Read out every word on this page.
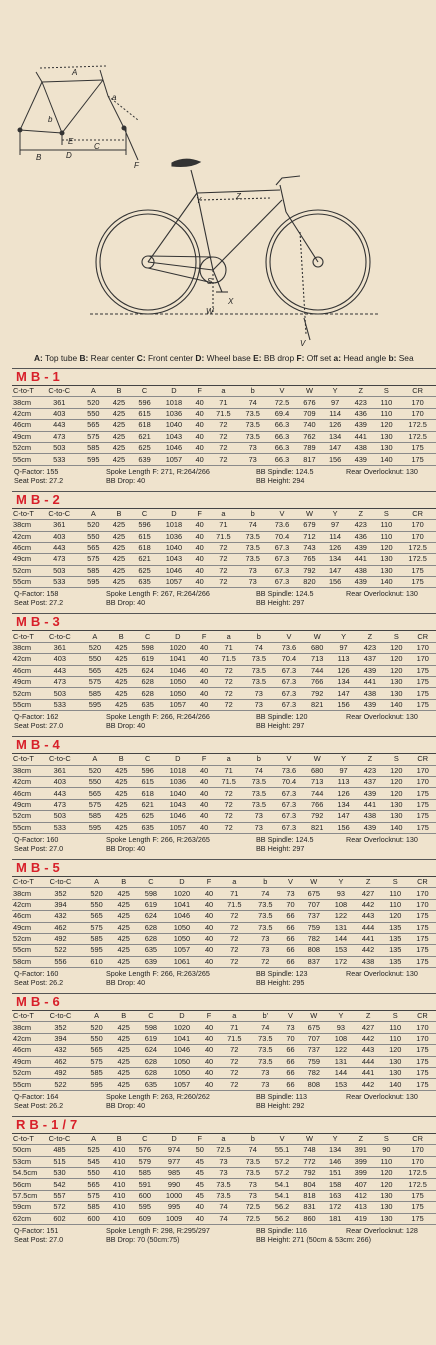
A
B
C
D
E
F
a
b
Y	Z
S
W
X
V
A: Top tube B: Rear center C: Front center D: Wheel base E: BB drop F: Off set a: Head angle b: Sea
MB-1
C-to-T	C-to-C	A	B	C	D	F	a	b	V	W	Y	Z	S	CR
38cm	361	520	425	596	1018	40	71	74	72.5	676	97	423	110	170
42cm	403	550	425	615	1036	40	71.5	73.5	69.4	709	114	436	110	170
46cm	443	565	425	618	1040	40	72	73.5	66.3	740	126	439	120	172.5
49cm	473	575	425	621	1043	40	72	73.5	66.3	762	134	441	130	172.5
52cm	503	585	425	625	1046	40	72	73	66.3	789	147	438	130	175
55cm	533	595	425	639	1057	40	72	73	66.3	817	156	439	140	175
Q-Factor: 155
Seat Post: 27.2
Spoke Length F: 271, R:264/266
BB Drop: 40
BB Spindle: 124.5
BB Height: 294
Rear Overlocknut: 130
MB-2
C-to-T	C-to-C	A	B	C	D	F	a	b	V	W	Y	Z	S	CR
38cm	361	520	425	596	1018	40	71	74	73.6	679	97	423	110	170
42cm	403	550	425	615	1036	40	71.5	73.5	70.4	712	114	436	110	170
46cm	443	565	425	618	1040	40	72	73.5	67.3	743	126	439	120	172.5
49cm	473	575	425	621	1043	40	72	73.5	67.3	765	134	441	130	172.5
52cm	503	585	425	625	1046	40	72	73	67.3	792	147	438	130	175
55cm	533	595	425	635	1057	40	72	73	67.3	820	156	439	140	175
Q-Factor: 158
Seat Post: 27.2
Spoke Length F: 267, R:264/266
BB Drop: 40
BB Spindle: 124.5
BB Height: 297
Rear Overlocknut: 130
MB-3
C-to-T	C-to-C	A	B	C	D	F	a	b	V	W	Y	Z	S	CR
38cm	361	520	425	598	1020	40	71	74	73.6	680	97	423	120	170
42cm	403	550	425	619	1041	40	71.5	73.5	70.4	713	113	437	120	170
46cm	443	565	425	624	1046	40	72	73.5	67.3	744	126	439	120	175
49cm	473	575	425	628	1050	40	72	73.5	67.3	766	134	441	130	175
52cm	503	585	425	628	1050	40	72	73	67.3	792	147	438	130	175
55cm	533	595	425	635	1057	40	72	73	67.3	821	156	439	140	175
Q-Factor: 162
Seat Post: 27.0
Spoke Length F: 266, R:264/266
BB Drop: 40
BB Spindle: 120
BB Height: 297
Rear Overlocknut: 130
MB-4
C-to-T	C-to-C	A	B	C	D	F	a	b	V	W	Y	Z	S	CR
38cm	361	520	425	596	1018	40	71	74	73.6	680	97	423	120	170
42cm	403	550	425	615	1036	40	71.5	73.5	70.4	713	113	437	120	170
46cm	443	565	425	618	1040	40	72	73.5	67.3	744	126	439	120	175
49cm	473	575	425	621	1043	40	72	73.5	67.3	766	134	441	130	175
52cm	503	585	425	625	1046	40	72	73	67.3	792	147	438	130	175
55cm	533	595	425	635	1057	40	72	73	67.3	821	156	439	140	175
Q-Factor: 160
Seat Post: 27.0
Spoke Length F: 266, R:263/265
BB Drop: 40
BB Spindle: 124.5
BB Height: 297
Rear Overlocknut: 130
MB-5
C-to-T	C-to-C	A	B	C	D	F	a	b	V	W	Y	Z	S	CR
38cm	352	520	425	598	1020	40	71	74	73	675	93	427	110	170
42cm	394	550	425	619	1041	40	71.5	73.5	70	707	108	442	110	170
46cm	432	565	425	624	1046	40	72	73.5	66	737	122	443	120	175
49cm	462	575	425	628	1050	40	72	73.5	66	759	131	444	135	175
52cm	492	585	425	628	1050	40	72	73	66	782	144	441	135	175
55cm	522	595	425	635	1057	40	72	73	66	808	153	442	135	175
58cm	556	610	425	639	1061	40	72	72	66	837	172	438	135	175
Q-Factor: 160
Seat Post: 26.2
Spoke Length F: 266, R:263/265
BB Drop: 40
BB Spindle: 123
BB Height: 295
Rear Overlocknut: 130
MB-6
C-to-T	C-to-C	A	B	C	D	F	a	b'	V	W	Y	Z	S	CR
38cm	352	520	425	598	1020	40	71	74	73	675	93	427	110	170
42cm	394	550	425	619	1041	40	71.5	73.5	70	707	108	442	110	170
46cm	432	565	425	624	1046	40	72	73.5	66	737	122	443	120	175
49cm	462	575	425	628	1050	40	72	73.5	66	759	131	444	130	175
52cm	492	585	425	628	1050	40	72	73	66	782	144	441	130	175
55cm	522	595	425	635	1057	40	72	73	66	808	153	442	140	175
Q-Factor: 164
Seat Post: 26.2
Spoke Length F: 263, R:260/262
BB Drop: 40
BB Spindle: 113
BB Height: 292
Rear Overlocknut: 130
RB-1/7
C-to-T	C-to-C	A	B	C	D	F	a	b	V	W	Y	Z	S	CR
50cm	485	525	410	576	974	50	72.5	74	55.1	748	134	391	90	170
53cm	515	545	410	579	977	45	73	73.5	57.2	772	146	399	110	170
54.5cm	530	550	410	585	985	45	73	73.5	57.2	792	151	399	120	172.5
56cm	542	565	410	591	990	45	73.5	73	54.1	804	158	407	120	172.5
57.5cm	557	575	410	600	1000	45	73.5	73	54.1	818	163	412	130	175
59cm	572	585	410	595	995	40	74	72.5	56.2	831	172	413	130	175
62cm	602	600	410	609	1009	40	74	72.5	56.2	860	181	419	130	175
Q-Factor: 151
Seat Post: 27.0
Spoke Length F: 298, R:295/297
BB Drop: 70 (50cm:75)
BB Spindle: 116
BB Height: 271 (50cm & 53cm: 266)
Rear Overlocknut: 128
